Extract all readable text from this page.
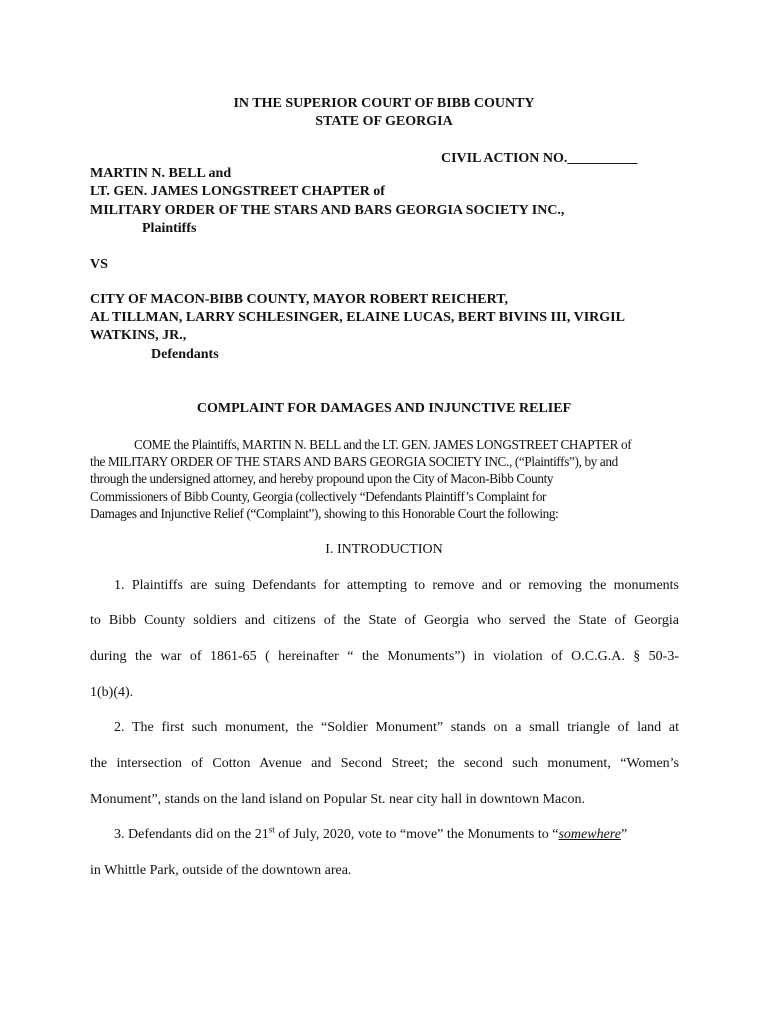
IN THE SUPERIOR COURT OF BIBB COUNTY
STATE OF GEORGIA
CIVIL ACTION NO.__________
MARTIN N. BELL and
LT. GEN. JAMES LONGSTREET CHAPTER of
MILITARY ORDER OF THE STARS AND BARS GEORGIA SOCIETY INC.,
Plaintiffs
VS
CITY OF MACON-BIBB COUNTY, MAYOR ROBERT REICHERT,
AL TILLMAN, LARRY SCHLESINGER, ELAINE LUCAS, BERT BIVINS III, VIRGIL
WATKINS, JR.,
Defendants
COMPLAINT FOR DAMAGES AND INJUNCTIVE RELIEF
COME the Plaintiffs, MARTIN N. BELL and the LT. GEN. JAMES LONGSTREET CHAPTER of
the MILITARY ORDER OF THE STARS AND BARS GEORGIA SOCIETY INC., (“Plaintiffs”), by and
through the undersigned attorney, and hereby propound upon the City of Macon-Bibb County
Commissioners of Bibb County, Georgia (collectively “Defendants Plaintiff’s Complaint for
Damages and Injunctive Relief (“Complaint”), showing to this Honorable Court the following:
I. INTRODUCTION
1. Plaintiffs are suing Defendants for attempting to remove and or removing the monuments
to Bibb County soldiers and citizens of the State of Georgia who served the State of Georgia
during the war of 1861-65 ( hereinafter “ the Monuments”) in violation of O.C.G.A. § 50-3-
1(b)(4).
2. The first such monument, the “Soldier Monument” stands on a small triangle of land at
the intersection of Cotton Avenue and Second Street; the second such monument, “Women’s
Monument”, stands on the land island on Popular St. near city hall in downtown Macon.
3. Defendants did on the 21st of July, 2020, vote to “move” the Monuments to “somewhere”
in Whittle Park, outside of the downtown area.
